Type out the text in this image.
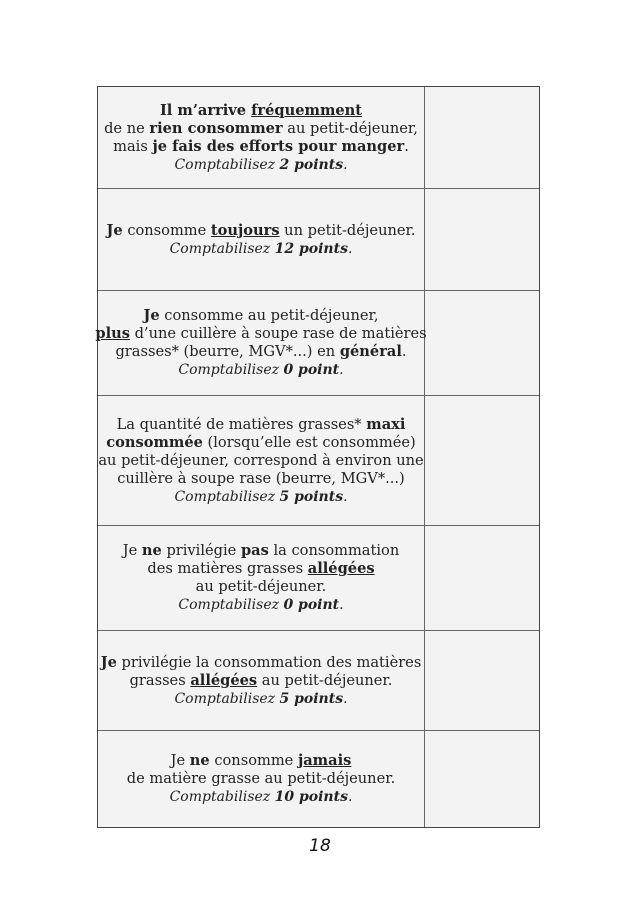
Il m’arrive fréquemment
de ne rien consommer au petit-déjeuner,
mais je fais des efforts pour manger.
Comptabilisez 2 points.
Je consomme toujours un petit-déjeuner.
Comptabilisez 12 points.
Je consomme au petit-déjeuner,
plus d’une cuillère à soupe rase de matières
grasses* (beurre, MGV*...) en général.
Comptabilisez 0 point.
La quantité de matières grasses* maxi
consommée (lorsqu’elle est consommée)
au petit-déjeuner, correspond à environ une
cuillère à soupe rase (beurre, MGV*...)
Comptabilisez 5 points.
Je ne privilégie pas la consommation
des matières grasses allégées
au petit-déjeuner.
Comptabilisez 0 point.
Je privilégie la consommation des matières
grasses allégées au petit-déjeuner.
Comptabilisez 5 points.
Je ne consomme jamais
de matière grasse au petit-déjeuner.
Comptabilisez 10 points.
18
